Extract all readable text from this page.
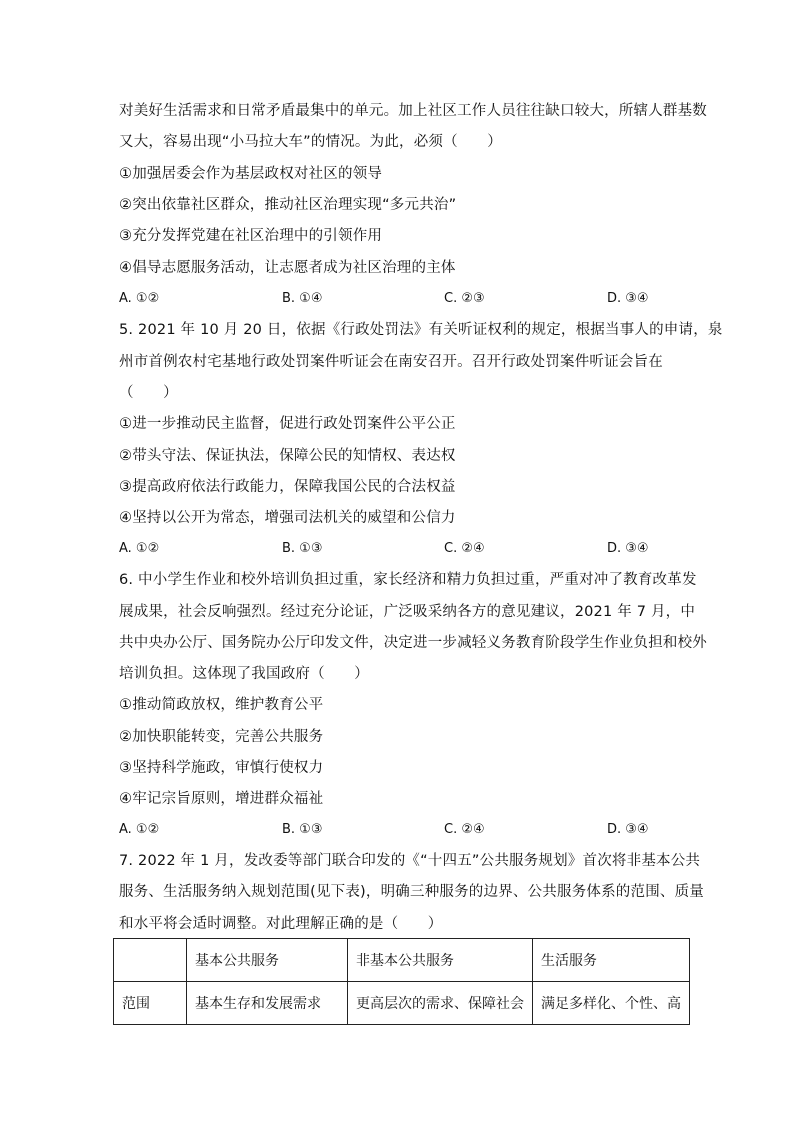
对美好生活需求和日常矛盾最集中的单元。加上社区工作人员往往缺口较大，所辖人群基数
又大，容易出现“小马拉大车”的情况。为此，必须（　　）
①加强居委会作为基层政权对社区的领导
②突出依靠社区群众，推动社区治理实现“多元共治”
③充分发挥党建在社区治理中的引领作用
④倡导志愿服务活动，让志愿者成为社区治理的主体
A. ①②	B. ①④	C. ②③	D. ③④
5. 2021 年 10 月 20 日，依据《行政处罚法》有关听证权利的规定，根据当事人的申请，泉
州市首例农村宅基地行政处罚案件听证会在南安召开。召开行政处罚案件听证会旨在
（　　）
①进一步推动民主监督，促进行政处罚案件公平公正
②带头守法、保证执法，保障公民的知情权、表达权
③提高政府依法行政能力，保障我国公民的合法权益
④坚持以公开为常态，增强司法机关的威望和公信力
A. ①②	B. ①③	C. ②④	D. ③④
6. 中小学生作业和校外培训负担过重，家长经济和精力负担过重，严重对冲了教育改革发
展成果，社会反响强烈。经过充分论证，广泛吸采纳各方的意见建议，2021 年 7 月，中
共中央办公厅、国务院办公厅印发文件，决定进一步减轻义务教育阶段学生作业负担和校外
培训负担。这体现了我国政府（　　）
①推动简政放权，维护教育公平
②加快职能转变，完善公共服务
③坚持科学施政，审慎行使权力
④牢记宗旨原则，增进群众福祉
A. ①②	B. ①③	C. ②④	D. ③④
7. 2022 年 1 月，发改委等部门联合印发的《“十四五”公共服务规划》首次将非基本公共
服务、生活服务纳入规划范围(见下表)，明确三种服务的边界、公共服务体系的范围、质量
和水平将会适时调整。对此理解正确的是（　　）
	基本公共服务	非基本公共服务	生活服务
范围	基本生存和发展需求	更高层次的需求、保障社会	满足多样化、个性、高
